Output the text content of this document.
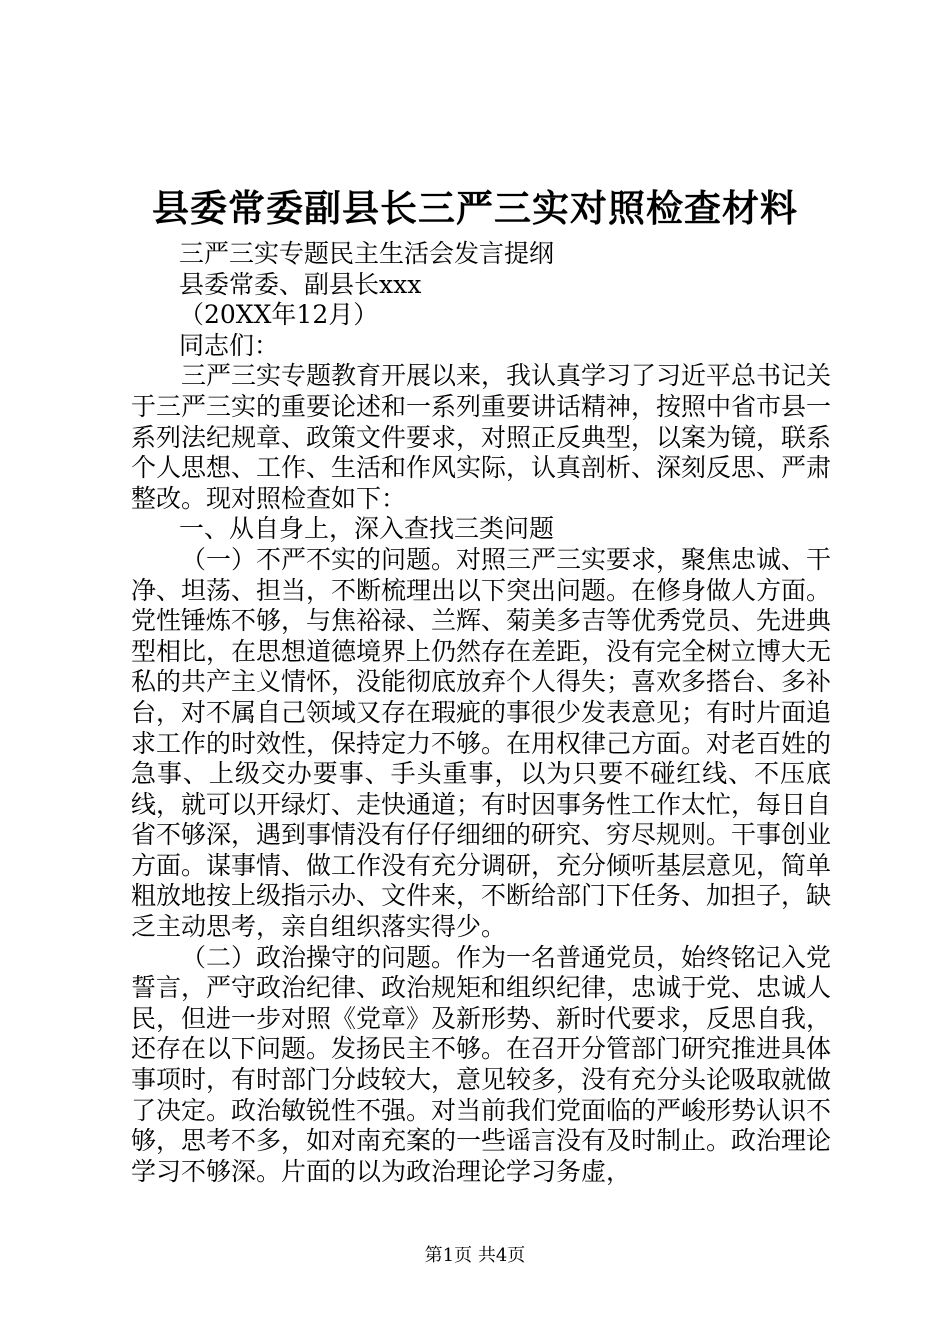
县委常委副县长三严三实对照检查材料

三严三实专题民主生活会发言提纲

县委常委、副县长xxx

（20XX年12月）

同志们：

三严三实专题教育开展以来，我认真学习了习近平总书记关于三严三实的重要论述和一系列重要讲话精神，按照中省市县一系列法纪规章、政策文件要求，对照正反典型，以案为镜，联系个人思想、工作、生活和作风实际，认真剖析、深刻反思、严肃整改。现对照检查如下：

一、从自身上，深入查找三类问题

（一）不严不实的问题。对照三严三实要求，聚焦忠诚、干净、坦荡、担当，不断梳理出以下突出问题。在修身做人方面。党性锤炼不够，与焦裕禄、兰辉、菊美多吉等优秀党员、先进典型相比，在思想道德境界上仍然存在差距，没有完全树立博大无私的共产主义情怀，没能彻底放弃个人得失；喜欢多搭台、多补台，对不属自己领域又存在瑕疵的事很少发表意见；有时片面追求工作的时效性，保持定力不够。在用权律己方面。对老百姓的急事、上级交办要事、手头重事，以为只要不碰红线、不压底线，就可以开绿灯、走快通道；有时因事务性工作太忙，每日自省不够深，遇到事情没有仔仔细细的研究、穷尽规则。干事创业方面。谋事情、做工作没有充分调研，充分倾听基层意见，简单粗放地按上级指示办、文件来，不断给部门下任务、加担子，缺乏主动思考，亲自组织落实得少。

（二）政治操守的问题。作为一名普通党员，始终铭记入党誓言，严守政治纪律、政治规矩和组织纪律，忠诚于党、忠诚人民，但进一步对照《党章》及新形势、新时代要求，反思自我，还存在以下问题。发扬民主不够。在召开分管部门研究推进具体事项时，有时部门分歧较大，意见较多，没有充分头论吸取就做了决定。政治敏锐性不强。对当前我们党面临的严峻形势认识不够，思考不多，如对南充案的一些谣言没有及时制止。政治理论学习不够深。片面的以为政治理论学习务虚，

第1页 共4页
